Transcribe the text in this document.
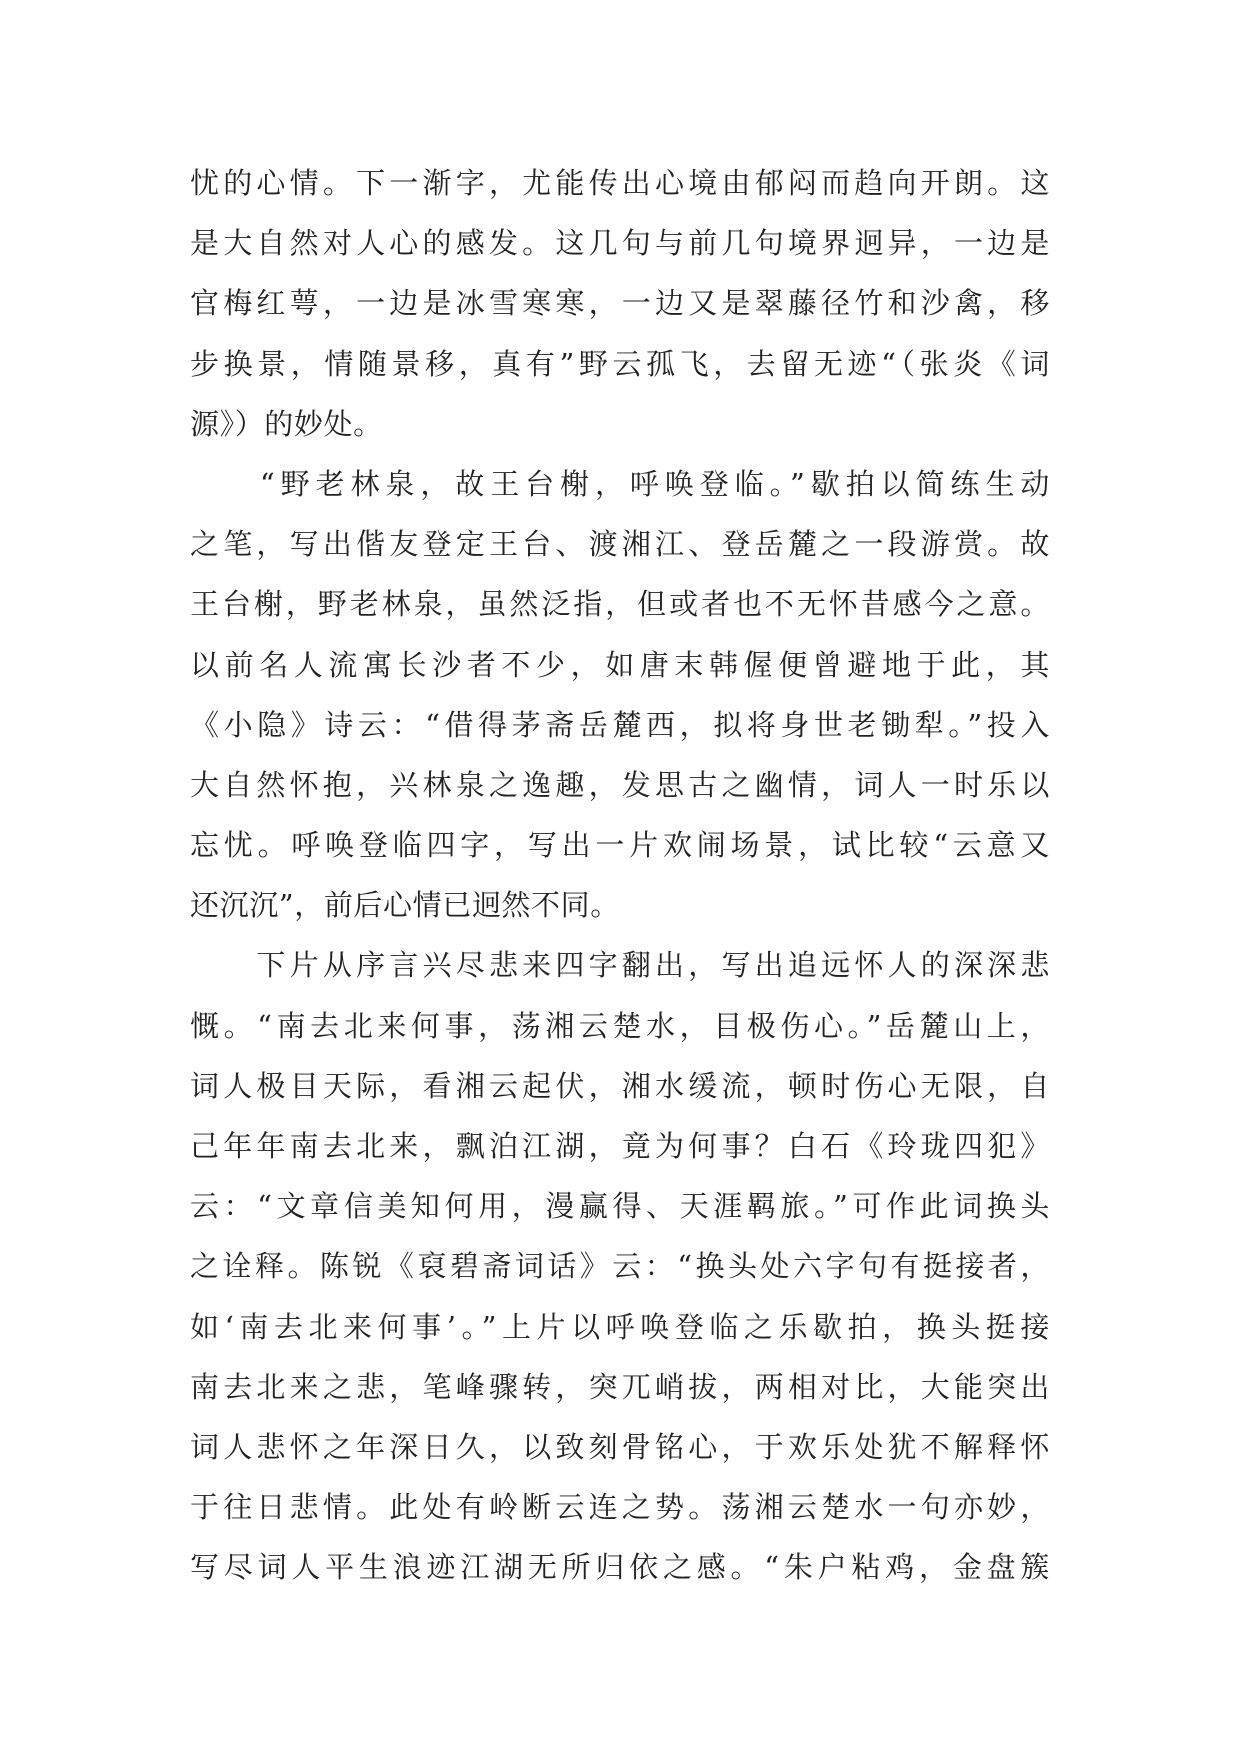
忧的心情。下一渐字，尤能传出心境由郁闷而趋向开朗。这
是大自然对人心的感发。这几句与前几句境界迥异，一边是
官梅红萼，一边是冰雪寒寒，一边又是翠藤径竹和沙禽，移
步换景，情随景移，真有”野云孤飞，去留无迹“（张炎《词
源》）的妙处。
　　“野老林泉，故王台榭，呼唤登临。”歇拍以简练生动
之笔，写出偕友登定王台、渡湘江、登岳麓之一段游赏。故
王台榭，野老林泉，虽然泛指，但或者也不无怀昔感今之意。
以前名人流寓长沙者不少，如唐末韩偓便曾避地于此，其
《小隐》诗云：“借得茅斋岳麓西，拟将身世老锄犁。”投入
大自然怀抱，兴林泉之逸趣，发思古之幽情，词人一时乐以
忘忧。呼唤登临四字，写出一片欢闹场景，试比较“云意又
还沉沉”，前后心情已迥然不同。
　　下片从序言兴尽悲来四字翻出，写出追远怀人的深深悲
慨。“南去北来何事，荡湘云楚水，目极伤心。”岳麓山上，
词人极目天际，看湘云起伏，湘水缓流，顿时伤心无限，自
己年年南去北来，飘泊江湖，竟为何事？白石《玲珑四犯》
云：“文章信美知何用，漫赢得、天涯羁旅。”可作此词换头
之诠释。陈锐《裒碧斋词话》云：“换头处六字句有挺接者，
如‘南去北来何事’。”上片以呼唤登临之乐歇拍，换头挺接
南去北来之悲，笔峰骤转，突兀峭拔，两相对比，大能突出
词人悲怀之年深日久，以致刻骨铭心，于欢乐处犹不解释怀
于往日悲情。此处有岭断云连之势。荡湘云楚水一句亦妙，
写尽词人平生浪迹江湖无所归依之感。“朱户粘鸡，金盘簇
